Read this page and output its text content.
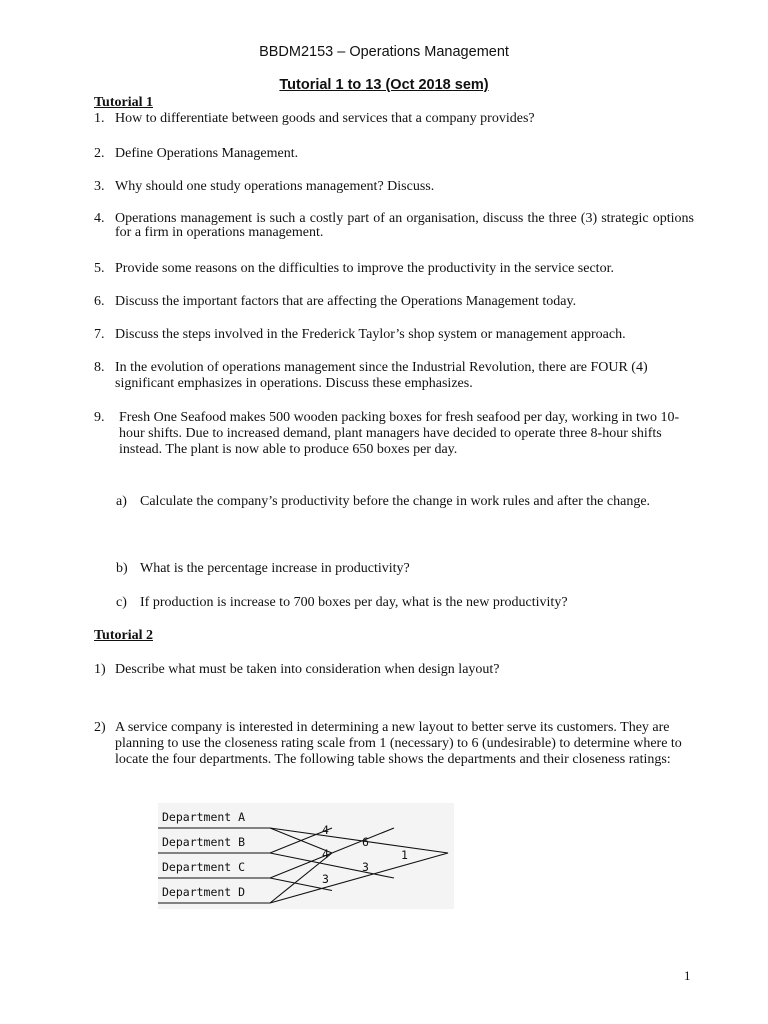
BBDM2153 – Operations Management
Tutorial 1 to 13 (Oct 2018 sem)
Tutorial 1
1. How to differentiate between goods and services that a company provides?
2. Define Operations Management.
3. Why should one study operations management? Discuss.
4. Operations management is such a costly part of an organisation, discuss the three (3) strategic options for a firm in operations management.
5. Provide some reasons on the difficulties to improve the productivity in the service sector.
6. Discuss the important factors that are affecting the Operations Management today.
7. Discuss the steps involved in the Frederick Taylor’s shop system or management approach.
8. In the evolution of operations management since the Industrial Revolution, there are FOUR (4) significant emphasizes in operations. Discuss these emphasizes.
9. Fresh One Seafood makes 500 wooden packing boxes for fresh seafood per day, working in two 10-hour shifts. Due to increased demand, plant managers have decided to operate three 8-hour shifts instead. The plant is now able to produce 650 boxes per day.
a) Calculate the company’s productivity before the change in work rules and after the change.
b) What is the percentage increase in productivity?
c) If production is increase to 700 boxes per day, what is the new productivity?
Tutorial 2
1) Describe what must be taken into consideration when design layout?
2) A service company is interested in determining a new layout to better serve its customers. They are planning to use the closeness rating scale from 1 (necessary) to 6 (undesirable) to determine where to locate the four departments. The following table shows the departments and their closeness ratings:
Department A
Department B
Department C
Department D
4
6
1
4
3
3
1
